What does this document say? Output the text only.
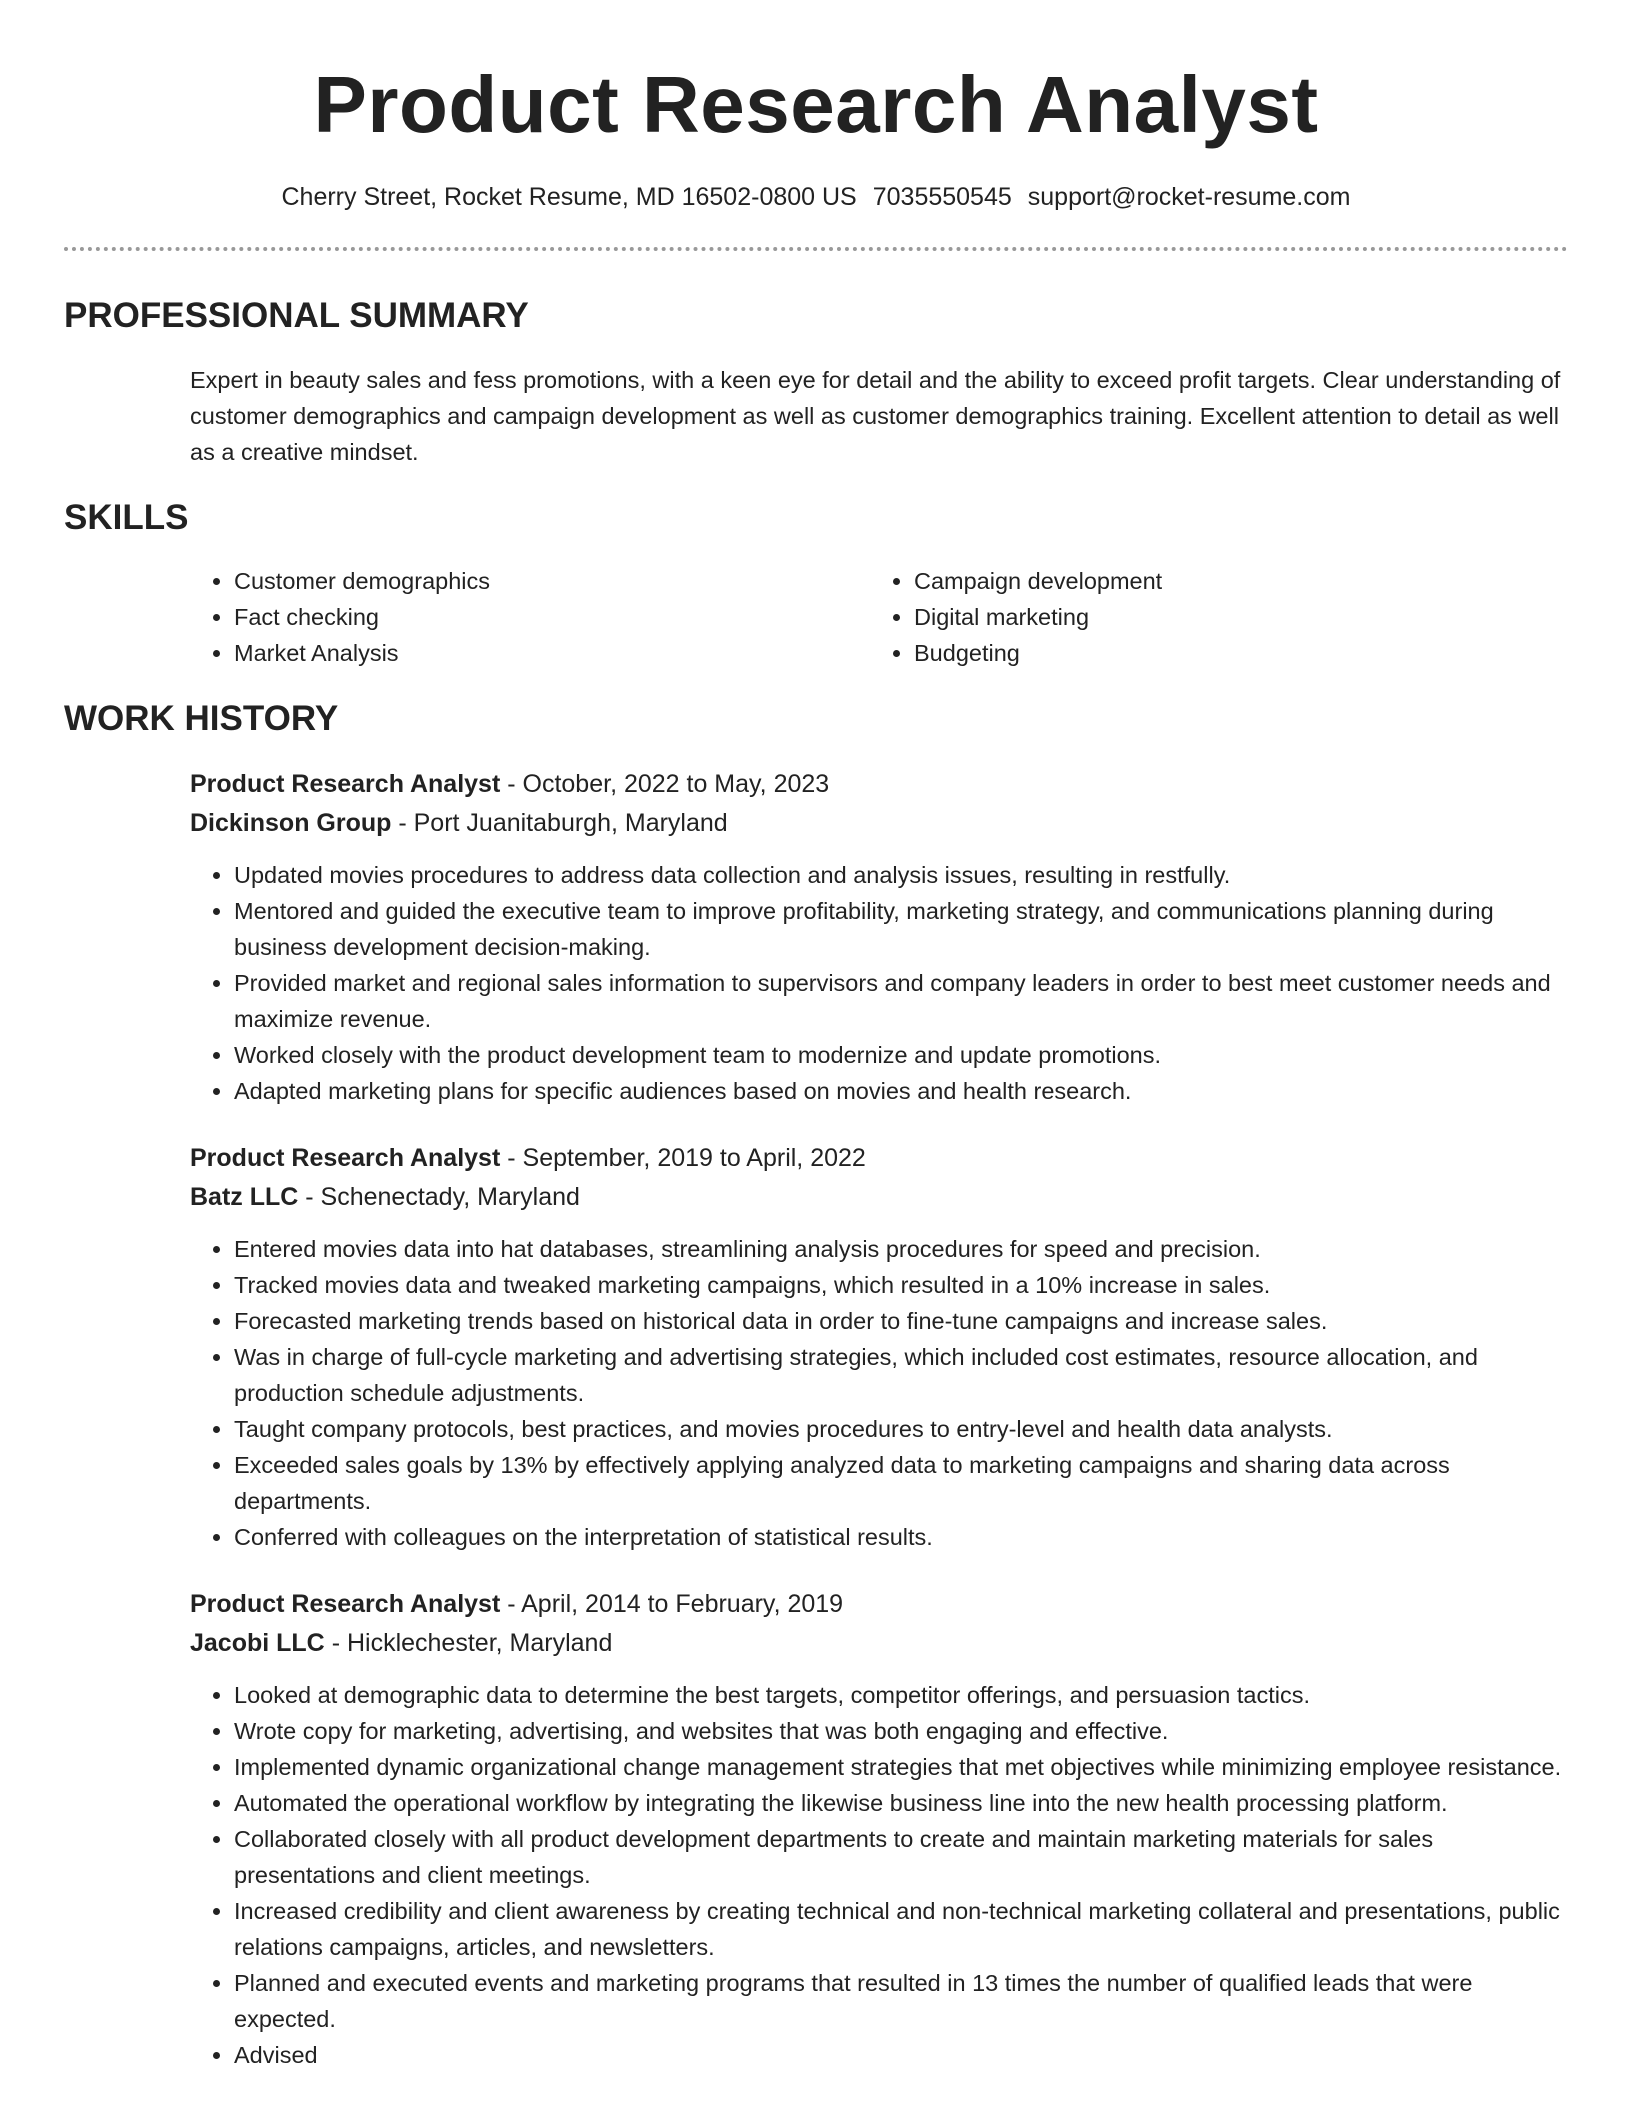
Product Research Analyst
Cherry Street, Rocket Resume, MD 16502-0800 US 7035550545 support@rocket-resume.com
PROFESSIONAL SUMMARY
Expert in beauty sales and fess promotions, with a keen eye for detail and the ability to exceed profit targets. Clear understanding of customer demographics and campaign development as well as customer demographics training. Excellent attention to detail as well as a creative mindset.
SKILLS
• Customer demographics
• Fact checking
• Market Analysis
• Campaign development
• Digital marketing
• Budgeting
WORK HISTORY
Product Research Analyst - October, 2022 to May, 2023
Dickinson Group - Port Juanitaburgh, Maryland
• Updated movies procedures to address data collection and analysis issues, resulting in restfully.
• Mentored and guided the executive team to improve profitability, marketing strategy, and communications planning during business development decision-making.
• Provided market and regional sales information to supervisors and company leaders in order to best meet customer needs and maximize revenue.
• Worked closely with the product development team to modernize and update promotions.
• Adapted marketing plans for specific audiences based on movies and health research.
Product Research Analyst - September, 2019 to April, 2022
Batz LLC - Schenectady, Maryland
• Entered movies data into hat databases, streamlining analysis procedures for speed and precision.
• Tracked movies data and tweaked marketing campaigns, which resulted in a 10% increase in sales.
• Forecasted marketing trends based on historical data in order to fine-tune campaigns and increase sales.
• Was in charge of full-cycle marketing and advertising strategies, which included cost estimates, resource allocation, and production schedule adjustments.
• Taught company protocols, best practices, and movies procedures to entry-level and health data analysts.
• Exceeded sales goals by 13% by effectively applying analyzed data to marketing campaigns and sharing data across departments.
• Conferred with colleagues on the interpretation of statistical results.
Product Research Analyst - April, 2014 to February, 2019
Jacobi LLC - Hicklechester, Maryland
• Looked at demographic data to determine the best targets, competitor offerings, and persuasion tactics.
• Wrote copy for marketing, advertising, and websites that was both engaging and effective.
• Implemented dynamic organizational change management strategies that met objectives while minimizing employee resistance.
• Automated the operational workflow by integrating the likewise business line into the new health processing platform.
• Collaborated closely with all product development departments to create and maintain marketing materials for sales presentations and client meetings.
• Increased credibility and client awareness by creating technical and non-technical marketing collateral and presentations, public relations campaigns, articles, and newsletters.
• Planned and executed events and marketing programs that resulted in 13 times the number of qualified leads that were expected.
• Advised
